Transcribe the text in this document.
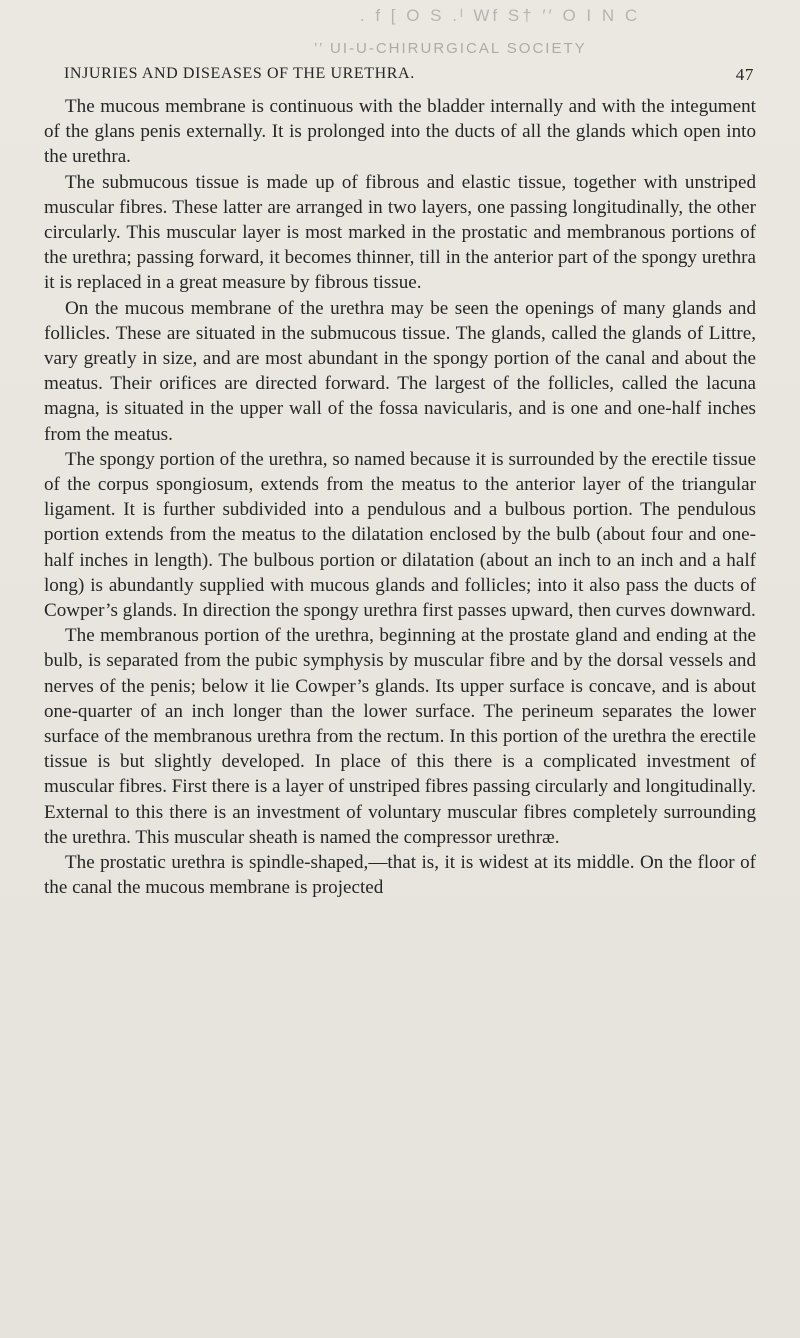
. f [ O S .ˡ Wf S† ′′ O I N C
’’ UI-U-CHIRURGICAL SOCIETY
INJURIES AND DISEASES OF THE URETHRA.	47

The mucous membrane is continuous with the bladder internally and with the integument of the glans penis externally. It is prolonged into the ducts of all the glands which open into the urethra.

The submucous tissue is made up of fibrous and elastic tissue, together with unstriped muscular fibres. These latter are arranged in two layers, one passing longitudinally, the other circularly. This muscular layer is most marked in the prostatic and membranous portions of the urethra; passing forward, it becomes thinner, till in the anterior part of the spongy urethra it is replaced in a great measure by fibrous tissue.

On the mucous membrane of the urethra may be seen the openings of many glands and follicles. These are situated in the submucous tissue. The glands, called the glands of Littre, vary greatly in size, and are most abundant in the spongy portion of the canal and about the meatus. Their orifices are directed forward. The largest of the follicles, called the lacuna magna, is situated in the upper wall of the fossa navicularis, and is one and one-half inches from the meatus.

The spongy portion of the urethra, so named because it is surrounded by the erectile tissue of the corpus spongiosum, extends from the meatus to the anterior layer of the triangular ligament. It is further subdivided into a pendulous and a bulbous portion. The pendulous portion extends from the meatus to the dilatation enclosed by the bulb (about four and one-half inches in length). The bulbous portion or dilatation (about an inch to an inch and a half long) is abundantly supplied with mucous glands and follicles; into it also pass the ducts of Cowper’s glands. In direction the spongy urethra first passes upward, then curves downward.

The membranous portion of the urethra, beginning at the prostate gland and ending at the bulb, is separated from the pubic symphysis by muscular fibre and by the dorsal vessels and nerves of the penis; below it lie Cowper’s glands. Its upper surface is concave, and is about one-quarter of an inch longer than the lower surface. The perineum separates the lower surface of the membranous urethra from the rectum. In this portion of the urethra the erectile tissue is but slightly developed. In place of this there is a complicated investment of muscular fibres. First there is a layer of unstriped fibres passing circularly and longitudinally. External to this there is an investment of voluntary muscular fibres completely surrounding the urethra. This muscular sheath is named the compressor urethræ.

The prostatic urethra is spindle-shaped,—that is, it is widest at its middle. On the floor of the canal the mucous membrane is projected
